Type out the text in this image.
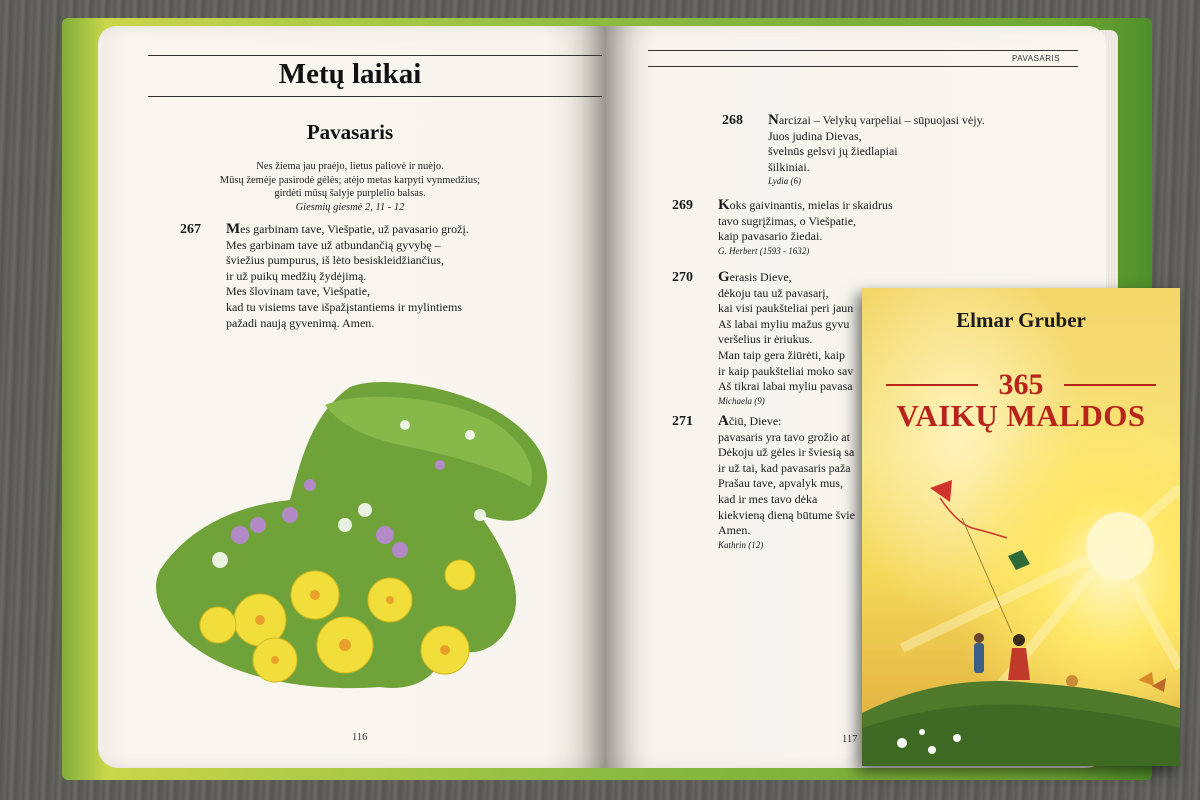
Metų laikai
Pavasaris
Nes žiema jau praėjo, lietus paliovė ir nuėjo.
Mūsų žemėje pasirodė gėlės; atėjo metas karpyti vynmedžius;
girdėti mūsų šalyje purplelio balsas.
Giesmių giesmė 2, 11 - 12
267 Mes garbinam tave, Viešpatie, už pavasario grožį.
Mes garbinam tave už atbundančią gyvybę –
šviežius pumpurus, iš lėto besiskleidžiančius,
ir už puikų medžių žydėjimą.
Mes šlovinam tave, Viešpatie,
kad tu visiems tave išpažįstantiems ir mylintiems
pažadi naują gyvenimą. Amen.
116
PAVASARIS
268 Narcizai – Velykų varpeliai – sūpuojasi vėjy.
Juos judina Dievas,
švelnūs gelsvi jų žiedlapiai
šilkiniai.
Lydia (6)
269 Koks gaivinantis, mielas ir skaidrus
tavo sugrįžimas, o Viešpatie,
kaip pavasario žiedai.
G. Herbert (1593 - 1632)
270 Gerasis Dieve,
dėkoju tau už pavasarį,
kai visi paukšteliai peri jaun
Aš labai myliu mažus gyvu
veršelius ir ėriukus.
Man taip gera žiūrėti, kaip
ir kaip paukšteliai moko sav
Aš tikrai labai myliu pavasa
Michaela (9)
271 Ačiū, Dieve:
pavasaris yra tavo grožio at
Dėkoju už gėles ir šviesią sa
ir už tai, kad pavasaris paža
Prašau tave, apvalyk mus,
kad ir mes tavo dėka
kiekvieną dieną būtume švie
Amen.
Kathrin (12)
117
Elmar Gruber
365
VAIKŲ MALDOS
